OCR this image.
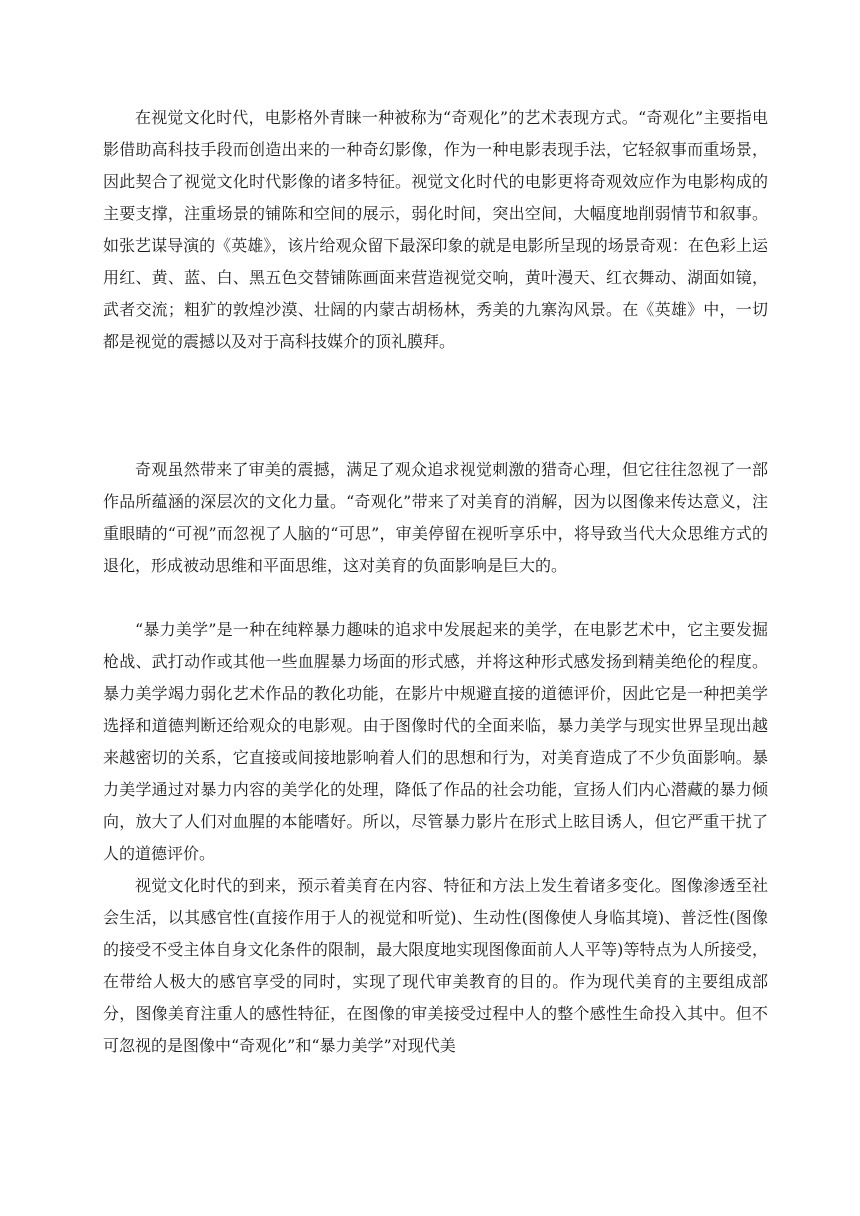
在视觉文化时代，电影格外青睐一种被称为“奇观化”的艺术表现方式。“奇观化”主要指电影借助高科技手段而创造出来的一种奇幻影像，作为一种电影表现手法，它轻叙事而重场景，因此契合了视觉文化时代影像的诸多特征。视觉文化时代的电影更将奇观效应作为电影构成的主要支撑，注重场景的铺陈和空间的展示，弱化时间，突出空间，大幅度地削弱情节和叙事。如张艺谋导演的《英雄》，该片给观众留下最深印象的就是电影所呈现的场景奇观：在色彩上运用红、黄、蓝、白、黑五色交替铺陈画面来营造视觉交响，黄叶漫天、红衣舞动、湖面如镜，武者交流；粗犷的敦煌沙漠、壮阔的内蒙古胡杨林，秀美的九寨沟风景。在《英雄》中，一切都是视觉的震撼以及对于高科技媒介的顶礼膜拜。

奇观虽然带来了审美的震撼，满足了观众追求视觉刺激的猎奇心理，但它往往忽视了一部作品所蕴涵的深层次的文化力量。“奇观化”带来了对美育的消解，因为以图像来传达意义，注重眼睛的“可视”而忽视了人脑的“可思”，审美停留在视听享乐中，将导致当代大众思维方式的退化，形成被动思维和平面思维，这对美育的负面影响是巨大的。

“暴力美学”是一种在纯粹暴力趣味的追求中发展起来的美学，在电影艺术中，它主要发掘枪战、武打动作或其他一些血腥暴力场面的形式感，并将这种形式感发扬到精美绝伦的程度。暴力美学竭力弱化艺术作品的教化功能，在影片中规避直接的道德评价，因此它是一种把美学选择和道德判断还给观众的电影观。由于图像时代的全面来临，暴力美学与现实世界呈现出越来越密切的关系，它直接或间接地影响着人们的思想和行为，对美育造成了不少负面影响。暴力美学通过对暴力内容的美学化的处理，降低了作品的社会功能，宣扬人们内心潜藏的暴力倾向，放大了人们对血腥的本能嗜好。所以，尽管暴力影片在形式上眩目诱人，但它严重干扰了人的道德评价。

视觉文化时代的到来，预示着美育在内容、特征和方法上发生着诸多变化。图像渗透至社会生活，以其感官性(直接作用于人的视觉和听觉)、生动性(图像使人身临其境)、普泛性(图像的接受不受主体自身文化条件的限制，最大限度地实现图像面前人人平等)等特点为人所接受，在带给人极大的感官享受的同时，实现了现代审美教育的目的。作为现代美育的主要组成部分，图像美育注重人的感性特征，在图像的审美接受过程中人的整个感性生命投入其中。但不可忽视的是图像中“奇观化”和“暴力美学”对现代美
